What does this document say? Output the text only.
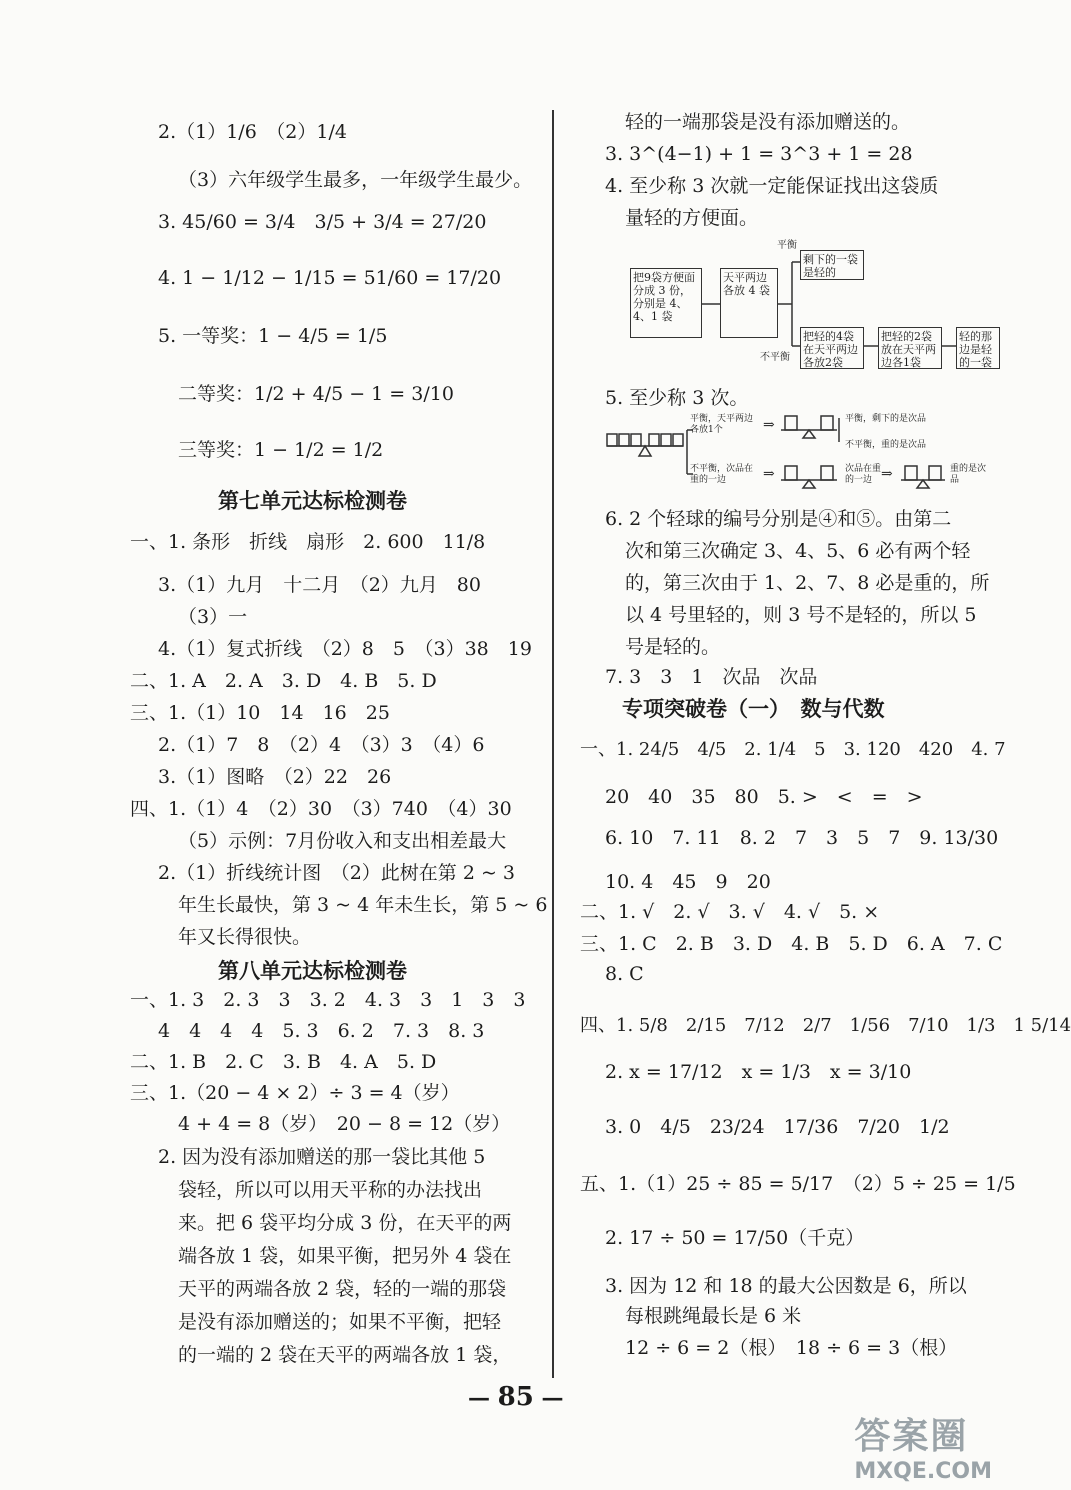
2.（1）1/6　（2）1/4
（3）六年级学生最多，一年级学生最少。
3. 45/60 = 3/4　3/5 + 3/4 = 27/20
4. 1 − 1/12 − 1/15 = 51/60 = 17/20
5. 一等奖：1 − 4/5 = 1/5
二等奖：1/2 + 4/5 − 1 = 3/10
三等奖：1 − 1/2 = 1/2
第七单元达标检测卷
一、1. 条形　折线　扇形　2. 600　11/8
3.（1）九月　十二月　（2）九月　80
（3）一
4.（1）复式折线　（2）8　5　（3）38　19
二、1. A　2. A　3. D　4. B　5. D
三、1.（1）10　14　16　25
2.（1）7　8　（2）4　（3）3　（4）6
3.（1）图略　（2）22　26
四、1.（1）4　（2）30　（3）740　（4）30
（5）示例：7月份收入和支出相差最大
2.（1）折线统计图　（2）此树在第 2 ~ 3
年生长最快，第 3 ~ 4 年未生长，第 5 ~ 6
年又长得很快。
第八单元达标检测卷
一、1. 3　2. 3　3　3. 2　4. 3　3　1　3　3
4　4　4　4　5. 3　6. 2　7. 3　8. 3
二、1. B　2. C　3. B　4. A　5. D
三、1.（20 − 4 × 2）÷ 3 = 4（岁）
4 + 4 = 8（岁）　20 − 8 = 12（岁）
2. 因为没有添加赠送的那一袋比其他 5
袋轻，所以可以用天平称的办法找出
来。把 6 袋平均分成 3 份，在天平的两
端各放 1 袋，如果平衡，把另外 4 袋在
天平的两端各放 2 袋，轻的一端的那袋
是没有添加赠送的；如果不平衡，把轻
的一端的 2 袋在天平的两端各放 1 袋，
轻的一端那袋是没有添加赠送的。
3. 3^(4−1) + 1 = 3^3 + 1 = 28
4. 至少称 3 次就一定能保证找出这袋质
量轻的方便面。
把9袋方便面分成 3 份，分别是 4、4、1 袋
天平两边各放 4 袋
平衡
不平衡
剩下的一袋是轻的
把轻的4袋在天平两边各放2袋
把轻的2袋放在天平两边各1袋
轻的那边是轻的一袋
5. 至少称 3 次。
⇒
⇒	⇒
平衡，天平两边各放1个
平衡，剩下的是次品
不平衡，重的是次品
不平衡，次品在重的一边
次品在重的一边
重的是次品
6. 2 个轻球的编号分别是④和⑤。由第二
次和第三次确定 3、4、5、6 必有两个轻
的，第三次由于 1、2、7、8 必是重的，所
以 4 号里轻的，则 3 号不是轻的，所以 5
号是轻的。
7. 3　3　1　次品　次品
专项突破卷（一）　数与代数
一、1. 24/5　4/5　2. 1/4　5　3. 120　420　4. 7
20　40　35　80　5. >　<　=　>
6. 10　7. 11　8. 2　7　3　5　7　9. 13/30
10. 4　45　9　20
二、1. √　2. √　3. √　4. √　5. ×
三、1. C　2. B　3. D　4. B　5. D　6. A　7. C
8. C
四、1. 5/8　2/15　7/12　2/7　1/56　7/10　1/3　1 5/14
2. x = 17/12　x = 1/3　x = 3/10
3. 0　4/5　23/24　17/36　7/20　1/2
五、1.（1）25 ÷ 85 = 5/17　（2）5 ÷ 25 = 1/5
2. 17 ÷ 50 = 17/50（千克）
3. 因为 12 和 18 的最大公因数是 6，所以
每根跳绳最长是 6 米
12 ÷ 6 = 2（根）　18 ÷ 6 = 3（根）
— 85 —
答案圈
MXQE.COM
